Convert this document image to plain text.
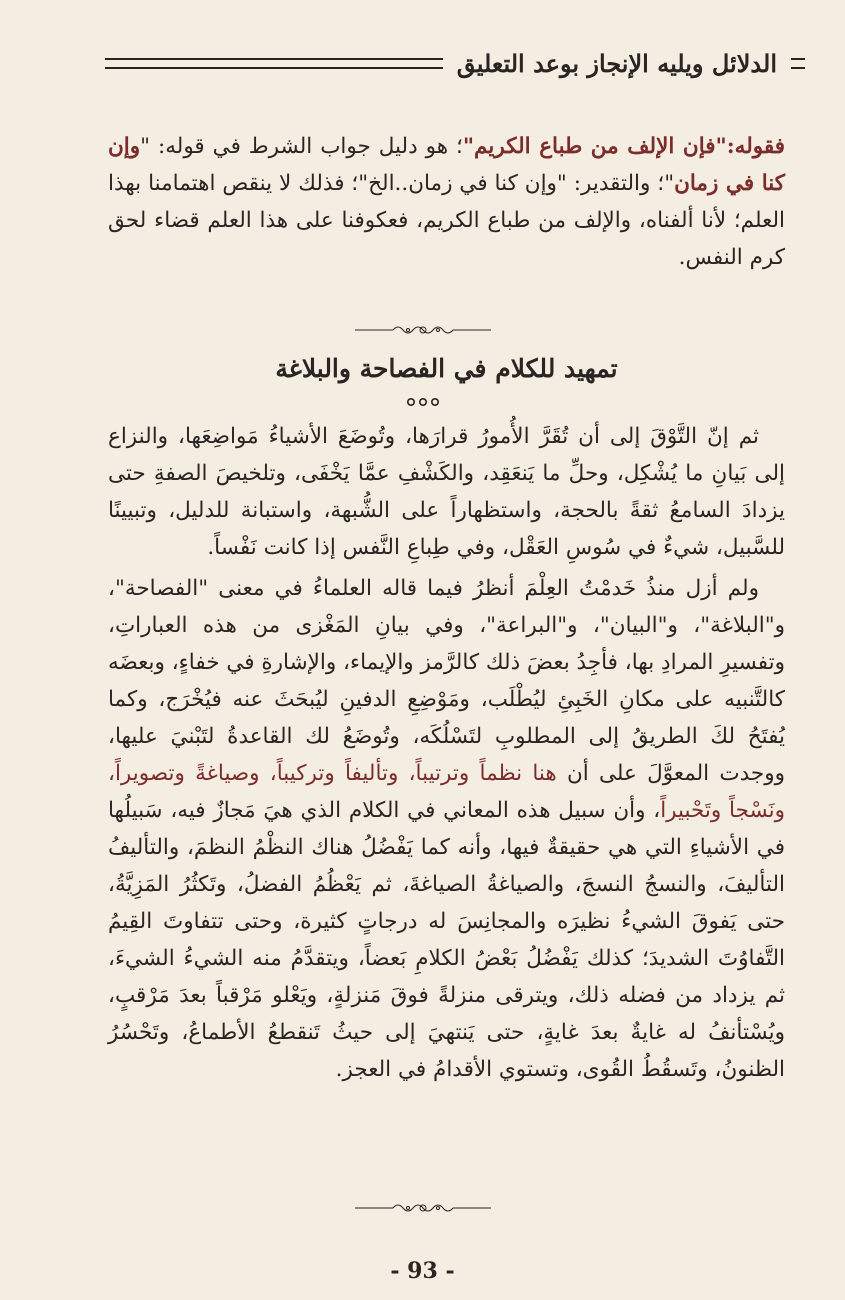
الدلائل ويليه الإنجاز بوعد التعليق

فقوله:"فإن الإلف من طباع الكريم"؛ هو دليل جواب الشرط في قوله: "وإن كنا في زمان"؛ والتقدير: "وإن كنا في زمان..الخ"؛ فذلك لا ينقص اهتمامنا بهذا العلم؛ لأنا ألفناه، والإلف من طباع الكريم، فعكوفنا على هذا العلم قضاء لحق كرم النفس.

تمهيد للكلام في الفصاحة والبلاغة

ثم إنّ التَّوْقَ إلى أن تُقَرَّ الأُمورُ قرارَها، وتُوضَعَ الأشياءُ مَواضِعَها، والنزاع إلى بَيانِ ما يُشْكِل، وحلِّ ما يَنعَقِد، والكَشْفِ عمَّا يَخْفَى، وتلخيصَ الصفةِ حتى يزدادَ السامعُ ثقةً بالحجة، واستظهاراً على الشُّبهة، واستبانة للدليل، وتبيينًا للسَّبيل، شيءٌ في سُوسِ العَقْل، وفي طِباعِ النَّفس إذا كانت نَفْساً.

ولم أزل منذُ خَدمْتُ العِلْمَ أنظرُ فيما قاله العلماءُ في معنى "الفصاحة"، و"البلاغة"، و"البيان"، و"البراعة"، وفي بيانِ المَغْزى من هذه العباراتِ، وتفسيرِ المرادِ بها، فأجِدُ بعضَ ذلك كالرَّمز والإيماء، والإشارةِ في خفاءٍ، وبعضَه كالتَّنبيه على مكانِ الخَبِئِ ليُطْلَب، ومَوْضِعِ الدفينِ ليُبحَثَ عنه فيُخْرَج، وكما يُفتَحُ لكَ الطريقُ إلى المطلوبِ لتَسْلُكَه، وتُوضَعُ لك القاعدةُ لتَبْنيَ عليها، ووجدت المعوَّلَ على أن هنا نظماً وترتيباً، وتأليفاً وتركيباً، وصياغةً وتصويراً، ونَسْجاً وتَحْبيراً، وأن سبيل هذه المعاني في الكلام الذي هيَ مَجازٌ فيه، سَبيلُها في الأشياءِ التي هي حقيقةٌ فيها، وأنه كما يَفْضُلُ هناك النظْمُ النظمَ، والتأليفُ التأليفَ، والنسجُ النسجَ، والصياغةُ الصياغةَ، ثم يَعْظُمُ الفضلُ، وتَكثُرُ المَزِيَّةُ، حتى يَفوقَ الشيءُ نظيرَه والمجانِسَ له درجاتٍ كثيرة، وحتى تتفاوتَ القِيمُ التَّفاوُتَ الشديدَ؛ كذلك يَفْضُلُ بَعْضُ الكلامِ بَعضاً، ويتقدَّمُ منه الشيءُ الشيءَ، ثم يزداد من فضله ذلك، ويترقى منزلةً فوقَ مَنزلةٍ، ويَعْلو مَرْقباً بعدَ مَرْقبٍ، ويُسْتأنفُ له غايةٌ بعدَ غايةٍ، حتى يَنتهيَ إلى حيثُ تَنقطعُ الأطماعُ، وتَحْسُرُ الظنونُ، وتَسقُطُ القُوى، وتستوي الأقدامُ في العجز.

- 93 -
